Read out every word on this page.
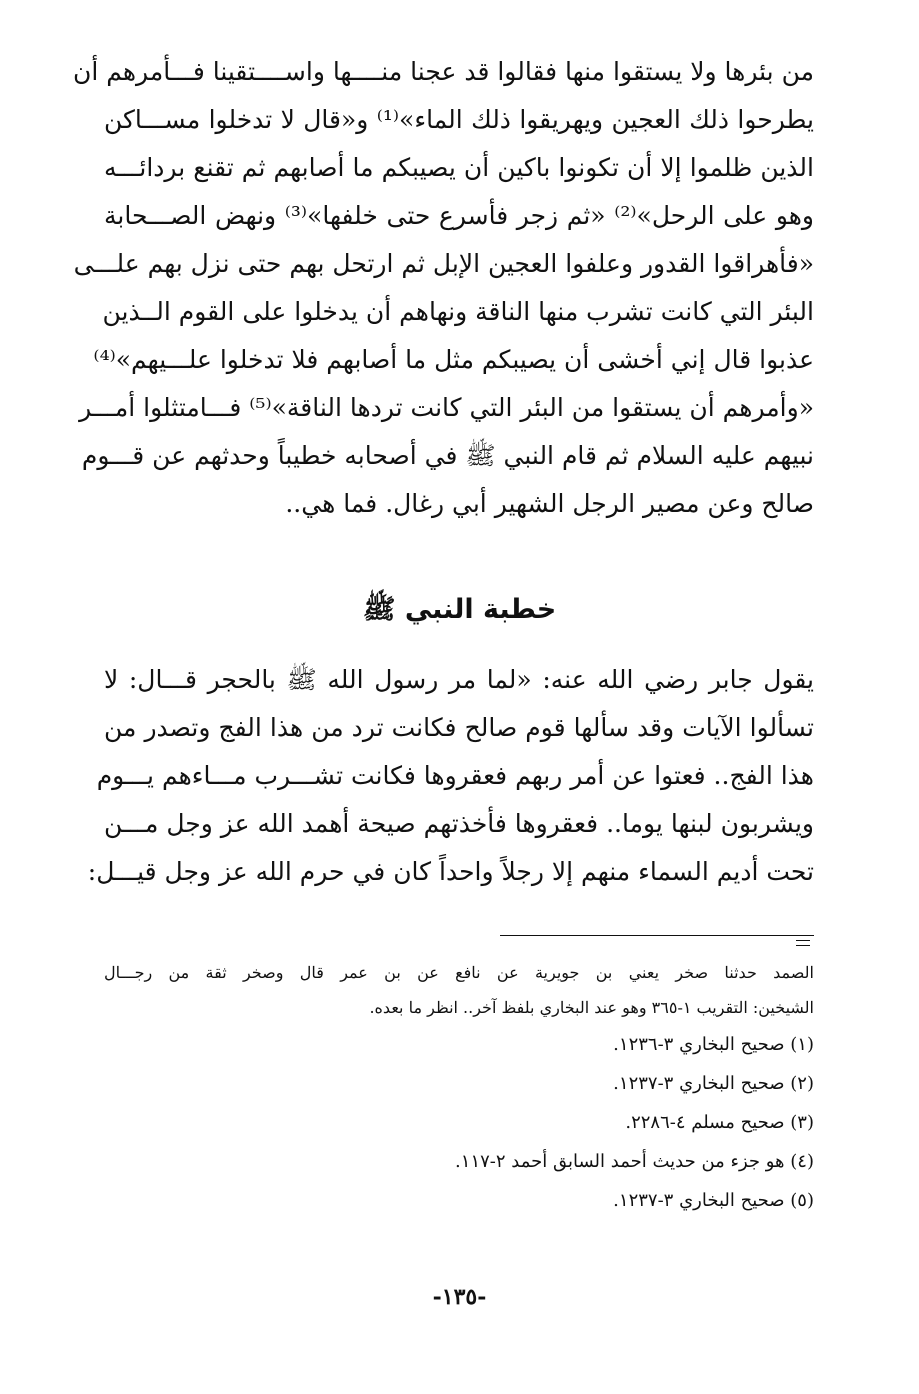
من بئرها ولا يستقوا منها فقالوا قد عجنا منــــها واســــتقينا فـــأمرهم أن
يطرحوا ذلك العجين ويهريقوا ذلك الماء»⁽¹⁾ و«قال لا تدخلوا مســـاكن
الذين ظلموا إلا أن تكونوا باكين أن يصيبكم ما أصابهم ثم تقنع بردائـــه
وهو على الرحل»⁽²⁾ «ثم زجر فأسرع حتى خلفها»⁽³⁾ ونهض الصـــحابة
«فأهراقوا القدور وعلفوا العجين الإبل ثم ارتحل بهم حتى نزل بهم علـــى
البئر التي كانت تشرب منها الناقة ونهاهم أن يدخلوا على القوم الــذين
عذبوا قال إني أخشى أن يصيبكم مثل ما أصابهم فلا تدخلوا علـــيهم»⁽⁴⁾
«وأمرهم أن يستقوا من البئر التي كانت تردها الناقة»⁽⁵⁾ فـــامتثلوا أمـــر
نبيهم عليه السلام ثم قام النبي ﷺ في أصحابه خطيباً وحدثهم عن قـــوم
صالح وعن مصير الرجل الشهير أبي رغال. فما هي..
خطبة النبي ﷺ
يقول جابر رضي الله عنه: «لما مر رسول الله ﷺ بالحجر قـــال: لا
تسألوا الآيات وقد سألها قوم صالح فكانت ترد من هذا الفج وتصدر من
هذا الفج.. فعتوا عن أمر ربهم فعقروها فكانت تشـــرب مـــاءهم يـــوم
ويشربون لبنها يوما.. فعقروها فأخذتهم صيحة أهمد الله عز وجل مـــن
تحت أديم السماء منهم إلا رجلاً واحداً كان في حرم الله عز وجل قيـــل:
الصمد حدثنا صخر يعني بن جويرية عن نافع عن بن عمر قال وصخر ثقة من رجـــال
الشيخين: التقريب ١-٣٦٥ وهو عند البخاري بلفظ آخر.. انظر ما بعده.
(١) صحيح البخاري ٣-١٢٣٦.
(٢) صحيح البخاري ٣-١٢٣٧.
(٣) صحيح مسلم ٤-٢٢٨٦.
(٤) هو جزء من حديث أحمد السابق أحمد ٢-١١٧.
(٥) صحيح البخاري ٣-١٢٣٧.
-١٣٥-
